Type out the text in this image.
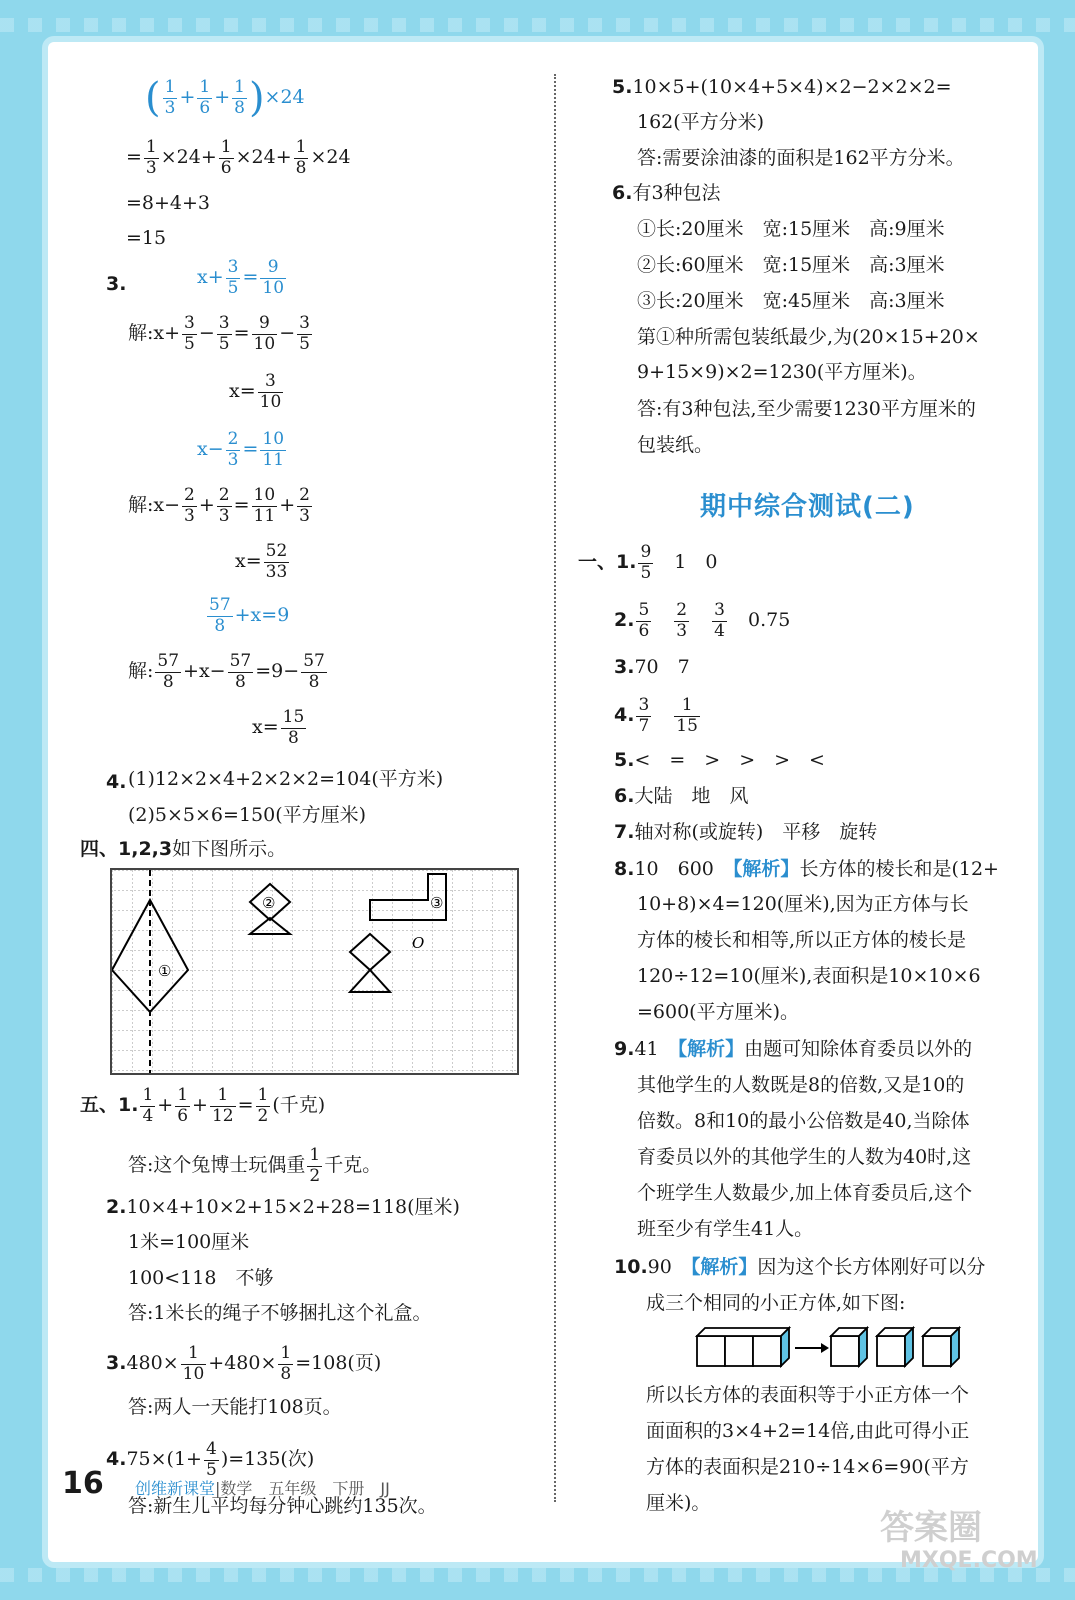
( $\frac{1}{3} + \frac{1}{6} + \frac{1}{8} )\times 24$
= $\frac{1}{3} \times 24+ \frac{1}{6} \times 24+ \frac{1}{8} \times 24$
=8+4+3
=15
3.	$x+ \frac{3}{5} = \frac{9}{10}$
解:x+ $\frac{3}{5} - \frac{3}{5} = \frac{9}{10} - \frac{3}{5}$
$x= \frac{3}{10}$
$x- \frac{2}{3} = \frac{10}{11}$
解:x− $\frac{2}{3} + \frac{2}{3} = \frac{10}{11} + \frac{2}{3}$
$x= \frac{52}{33}$
$\frac{57}{8} +x=9$
解: $\frac{57}{8} +x- \frac{57}{8} =9- \frac{57}{8}$
$x= \frac{15}{8}$
4. (1)12×2×4+2×2×2=104(平方米)
(2)5×5×6=150(平方厘米)
四、1,2,3如下图所示。
①
②	③
O
五、1. $\frac{1}{4} + \frac{1}{6} + \frac{1}{12} = \frac{1}{2}$ (千克)
答:这个兔博士玩偶重 $\frac{1}{2}$ 千克。
2.10×4+10×2+15×2+28=118(厘米)
1米=100厘米
100<118　不够
答:1米长的绳子不够捆扎这个礼盒。
$3.480\times \frac{1}{10} +480\times \frac{1}{8} =108$(页)
答:两人一天能打108页。
$4.75\times(1+ \frac{4}{5} )=135$(次)
答:新生儿平均每分钟心跳约135次。
5.10×5+(10×4+5×4)×2−2×2×2=
162(平方分米)
答:需要涂油漆的面积是162平方分米。
6.有3种包法
①长:20厘米　宽:15厘米　高:9厘米
②长:60厘米　宽:15厘米　高:3厘米
③长:20厘米　宽:45厘米　高:3厘米
第①种所需包装纸最少,为(20×15+20×
9+15×9)×2=1230(平方厘米)。
答:有3种包法,至少需要1230平方厘米的
包装纸。
期中综合测试(二)
一、1. $\frac{9}{5}$
　 1　0
2. $\frac{5}{6}$
　 $\frac{2}{3}$
　 $\frac{3}{4}$
　 0.75
3.70　7
4. $\frac{3}{7}$
　 $\frac{1}{15}$
5.<　=　>　>　>　<
6.大陆　地　风
7.轴对称(或旋转)　平移　旋转
8.10　600　 【解析】长方体的棱长和是(12+
10+8)×4=120(厘米),因为正方体与长
方体的棱长和相等,所以正方体的棱长是
120÷12=10(厘米),表面积是10×10×6
=600(平方厘米)。
9.41　 【解析】由题可知除体育委员以外的
其他学生的人数既是8的倍数,又是10的
倍数。8和10的最小公倍数是40,当除体
育委员以外的其他学生的人数为40时,这
个班学生人数最少,加上体育委员后,这个
班至少有学生41人。
10.90　 【解析】因为这个长方体刚好可以分
成三个相同的小正方体,如下图:
所以长方体的表面积等于小正方体一个
面面积的3×4+2=14倍,由此可得小正
方体的表面积是210÷14×6=90(平方
厘米)。
16 创维新课堂|数学　五年级　下册　JJ
答案圈
MXQE.COM
